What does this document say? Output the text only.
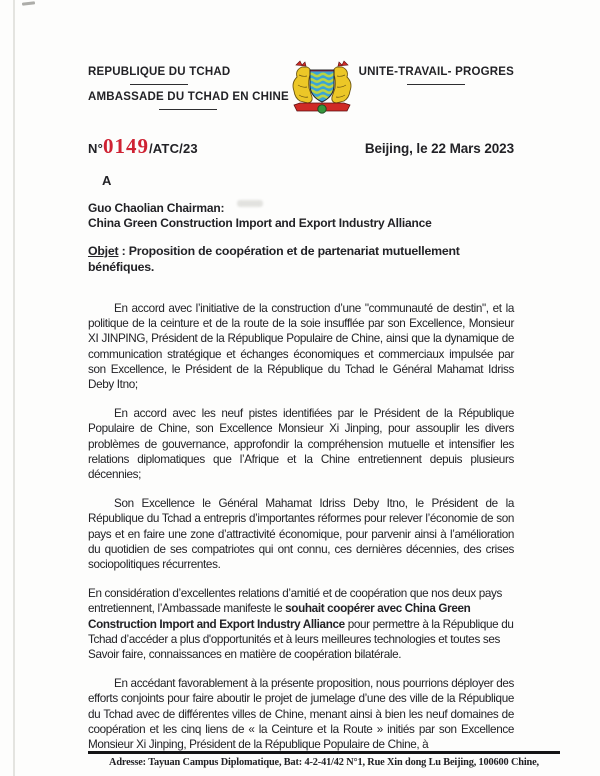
REPUBLIQUE DU TCHAD
AMBASSADE DU TCHAD EN CHINE
UNITE-TRAVAIL- PROGRES
N°0149/ATC/23	Beijing, le 22 Mars 2023
A
Guo Chaolian Chairman:
China Green Construction Import and Export Industry Alliance
Objet : Proposition de coopération et de partenariat mutuellement bénéfiques.

En accord avec l’initiative de la construction d’une "communauté de destin", et la politique de la ceinture et de la route de la soie insufflée par son Excellence, Monsieur XI JINPING, Président de la République Populaire de Chine, ainsi que la dynamique de communication stratégique et échanges économiques et commerciaux impulsée par son Excellence, le Président de la République du Tchad le Général Mahamat Idriss Deby Itno;

En accord avec les neuf pistes identifiées par le Président de la République Populaire de Chine, son Excellence Monsieur Xi Jinping, pour assouplir les divers problèmes de gouvernance, approfondir la compréhension mutuelle et intensifier les relations diplomatiques que l’Afrique et la Chine entretiennent depuis plusieurs décennies;

Son Excellence le Général Mahamat Idriss Deby Itno, le Président de la République du Tchad a entrepris d’importantes réformes pour relever l’économie de son pays et en faire une zone d’attractivité économique, pour parvenir ainsi à l’amélioration du quotidien de ses compatriotes qui ont connu, ces dernières décennies, des crises sociopolitiques récurrentes.

En considération d’excellentes relations d’amitié et de coopération que nos deux pays entretiennent, l’Ambassade manifeste le souhait coopérer avec China Green Construction Import and Export Industry Alliance pour permettre à la République du Tchad d’accéder a plus d'opportunités et à leurs meilleures technologies et toutes ses Savoir faire, connaissances en matière de coopération bilatérale.

En accédant favorablement à la présente proposition, nous pourrions déployer des efforts conjoints pour faire aboutir le projet de jumelage d’une des ville de la République du Tchad avec de différentes villes de Chine, menant ainsi à bien les neuf domaines de coopération et les cinq liens de « la Ceinture et la Route » initiés par son Excellence Monsieur Xi Jinping, Président de la République Populaire de Chine, à

Adresse: Tayuan Campus Diplomatique, Bat: 4-2-41/42 N°1, Rue Xin dong Lu Beijing, 100600 Chine,
